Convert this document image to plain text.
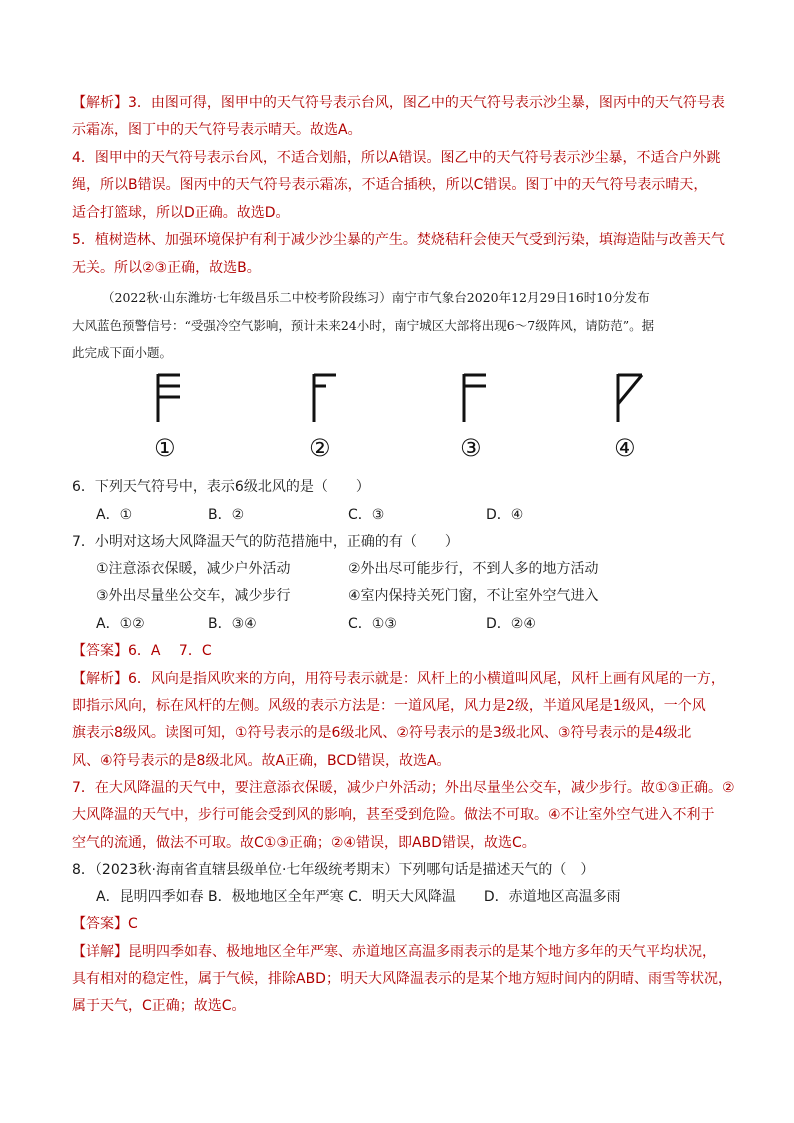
【解析】3．由图可得，图甲中的天气符号表示台风，图乙中的天气符号表示沙尘暴，图丙中的天气符号表
示霜冻，图丁中的天气符号表示晴天。故选A。
4．图甲中的天气符号表示台风，不适合划船，所以A错误。图乙中的天气符号表示沙尘暴，不适合户外跳
绳，所以B错误。图丙中的天气符号表示霜冻，不适合插秧，所以C错误。图丁中的天气符号表示晴天，
适合打篮球，所以D正确。故选D。
5．植树造林、加强环境保护有利于减少沙尘暴的产生。焚烧秸秆会使天气受到污染，填海造陆与改善天气
无关。所以②③正确，故选B。
（2022秋·山东潍坊·七年级昌乐二中校考阶段练习）南宁市气象台2020年12月29日16时10分发布
大风蓝色预警信号：“受强冷空气影响，预计未来24小时，南宁城区大部将出现6～7级阵风，请防范”。据
此完成下面小题。
①	②	③	④
6．下列天气符号中，表示6级北风的是（　　）
A．①	B．②	C．③	D．④
7．小明对这场大风降温天气的防范措施中，正确的有（　　）
①注意添衣保暖，减少户外活动	②外出尽可能步行，不到人多的地方活动
③外出尽量坐公交车，减少步行	④室内保持关死门窗，不让室外空气进入
A．①②	B．③④	C．①③	D．②④
【答案】6．A　 7．C
【解析】6．风向是指风吹来的方向，用符号表示就是：风杆上的小横道叫风尾，风杆上画有风尾的一方，
即指示风向，标在风杆的左侧。风级的表示方法是：一道风尾，风力是2级，半道风尾是1级风，一个风
旗表示8级风。读图可知，①符号表示的是6级北风、②符号表示的是3级北风、③符号表示的是4级北
风、④符号表示的是8级北风。故A正确，BCD错误，故选A。
7．在大风降温的天气中，要注意添衣保暖，减少户外活动；外出尽量坐公交车，减少步行。故①③正确。②
大风降温的天气中，步行可能会受到风的影响，甚至受到危险。做法不可取。④不让室外空气进入不利于
空气的流通，做法不可取。故C①③正确；②④错误，即ABD错误，故选C。
8．（2023秋·海南省直辖县级单位·七年级统考期末）下列哪句话是描述天气的（　）
A．昆明四季如春 B．极地地区全年严寒 C．明天大风降温　　D．赤道地区高温多雨
【答案】C
【详解】昆明四季如春、极地地区全年严寒、赤道地区高温多雨表示的是某个地方多年的天气平均状况，
具有相对的稳定性，属于气候，排除ABD；明天大风降温表示的是某个地方短时间内的阴晴、雨雪等状况，
属于天气，C正确；故选C。
